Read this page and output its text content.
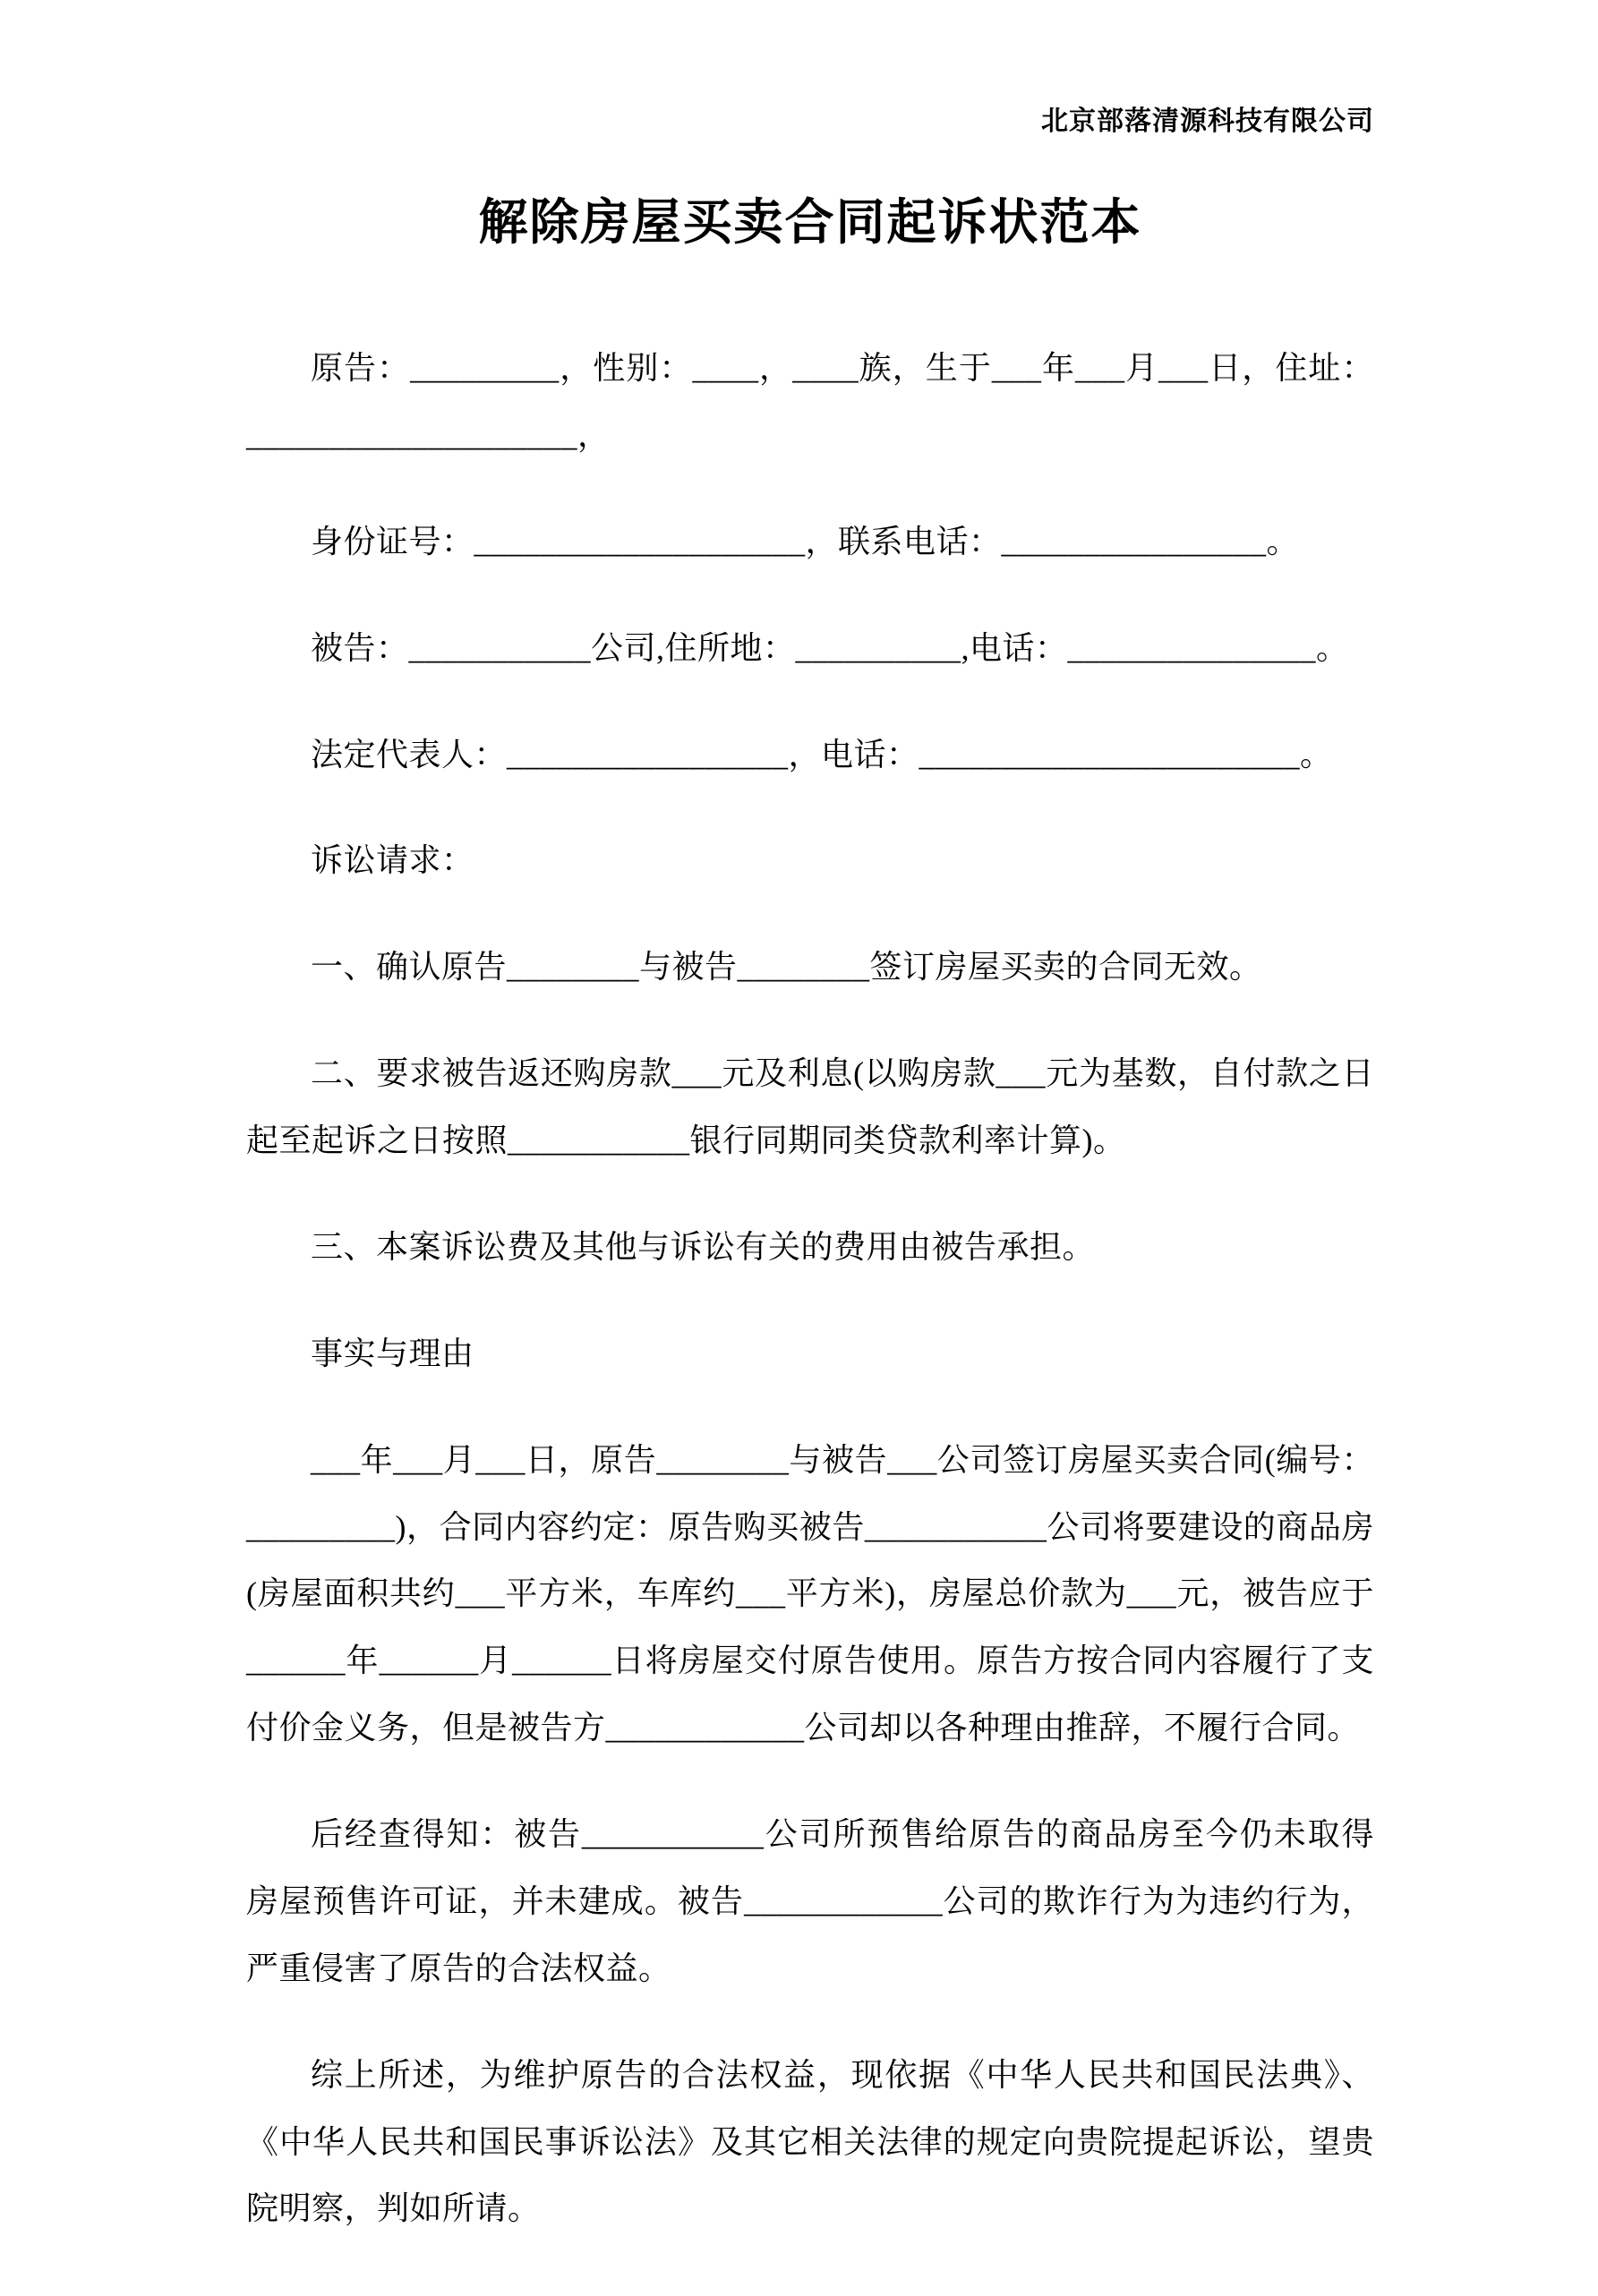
北京部落清源科技有限公司
解除房屋买卖合同起诉状范本

原告：_________，性别：____，____族，生于___年___月___日，住址：____________________，

身份证号：____________________，联系电话：________________。

被告：___________公司,住所地：__________,电话：_______________。

法定代表人：_________________，电话：_______________________。

诉讼请求：

一、确认原告________与被告________签订房屋买卖的合同无效。

二、要求被告返还购房款___元及利息(以购房款___元为基数，自付款之日起至起诉之日按照___________银行同期同类贷款利率计算)。

三、本案诉讼费及其他与诉讼有关的费用由被告承担。

事实与理由

___年___月___日，原告________与被告___公司签订房屋买卖合同(编号：_________)，合同内容约定：原告购买被告___________公司将要建设的商品房(房屋面积共约___平方米，车库约___平方米)，房屋总价款为___元，被告应于______年______月______日将房屋交付原告使用。原告方按合同内容履行了支付价金义务，但是被告方____________公司却以各种理由推辞，不履行合同。

后经查得知：被告___________公司所预售给原告的商品房至今仍未取得房屋预售许可证，并未建成。被告____________公司的欺诈行为为违约行为，严重侵害了原告的合法权益。

综上所述，为维护原告的合法权益，现依据《中华人民共和国民法典》、《中华人民共和国民事诉讼法》及其它相关法律的规定向贵院提起诉讼，望贵院明察，判如所请。
